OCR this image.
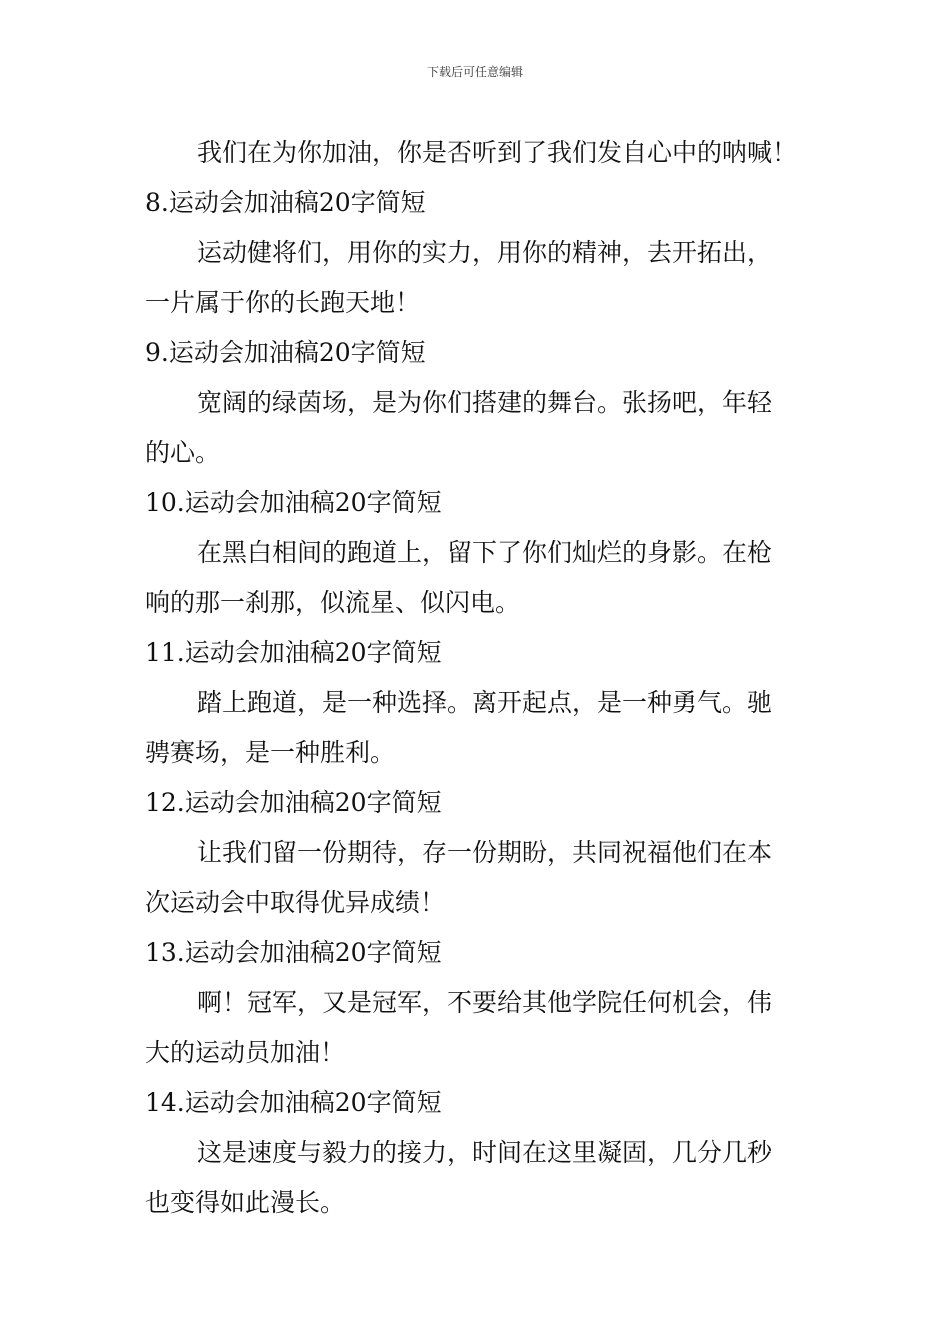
下载后可任意编辑
我们在为你加油，你是否听到了我们发自心中的呐喊！
8.运动会加油稿20字简短
运动健将们，用你的实力，用你的精神，去开拓出，
一片属于你的长跑天地！
9.运动会加油稿20字简短
宽阔的绿茵场，是为你们搭建的舞台。张扬吧，年轻
的心。
10.运动会加油稿20字简短
在黑白相间的跑道上，留下了你们灿烂的身影。在枪
响的那一刹那，似流星、似闪电。
11.运动会加油稿20字简短
踏上跑道，是一种选择。离开起点，是一种勇气。驰
骋赛场，是一种胜利。
12.运动会加油稿20字简短
让我们留一份期待，存一份期盼，共同祝福他们在本
次运动会中取得优异成绩！
13.运动会加油稿20字简短
啊！冠军，又是冠军，不要给其他学院任何机会，伟
大的运动员加油！
14.运动会加油稿20字简短
这是速度与毅力的接力，时间在这里凝固，几分几秒
也变得如此漫长。
